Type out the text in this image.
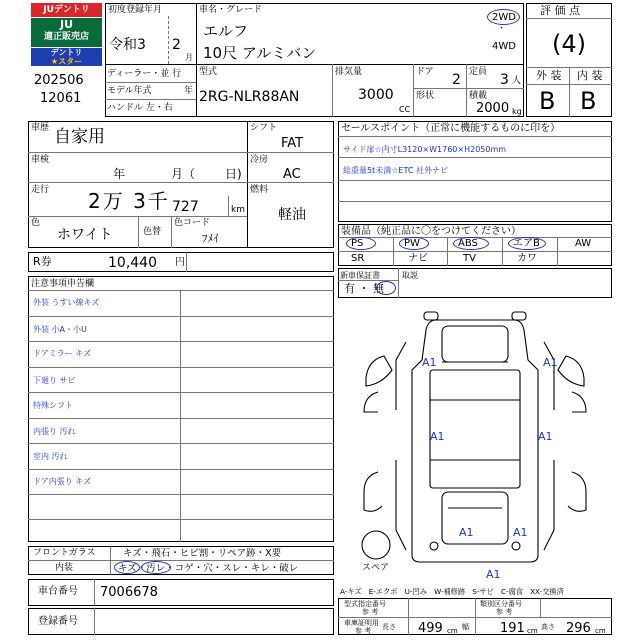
JUデントリ
JU
適正販売店
デントリ
★スター
202506
12061
初度登録年月
令和3 2
月
車名・グレード
エルフ
10尺 アルミバン
2WD
・
4WD
ディーラー・並 行
モデル年式	年
ハンドル 左・右
型式
2RG-NLR88AN
排気量
3000
CC
ドア 2 定員 3 人
形状	積載
2000 kg
評 価 点
(4)
外 装 内 装
B B
車歴 自家用
車検
年	月（ 日)
走行 2万 3千 727	km
色
ホワイト	色替
色コード
ﾌﾒｲ
シフト
FAT
冷房
AC
燃料
軽油
R券	10,440 円
注意事項申告欄
外装 うすい線キズ
外装 小A・小U
ドアミラー キズ
下廻り サビ
特殊シフト
内張り 汚れ
室内 汚れ
ドア内張り キズ
セールスポイント（正常に機能するものに印を）
サイド扉☆内寸L3120×W1760×H2050mm
総重量5t未満☆ETC 社外ナビ
装備品（純正品に〇をつけてください）
PS	PW	ABS	エアB	AW
SR	ナビ	TV	カワ
新車保証書
有 ・ 無
取説
A1	A1
A1	A1
A1	A1
A1
スペア
A-キズ　E-エクボ　U-凹み　W-補修跡　S-サビ　C-腐食　XX-交換済
フロントガラス	キズ・飛石・ヒビ割・リペア跡・X要
内装	キズ・汚レ・コゲ・穴・スレ・キレ・破レ
車台番号 7006678
登録番号
型式指定番号
参 考
類別区分番号
参 考
車庫証明用
参 考 長さ 499 cm 幅 191 cm 高さ 296 cm
